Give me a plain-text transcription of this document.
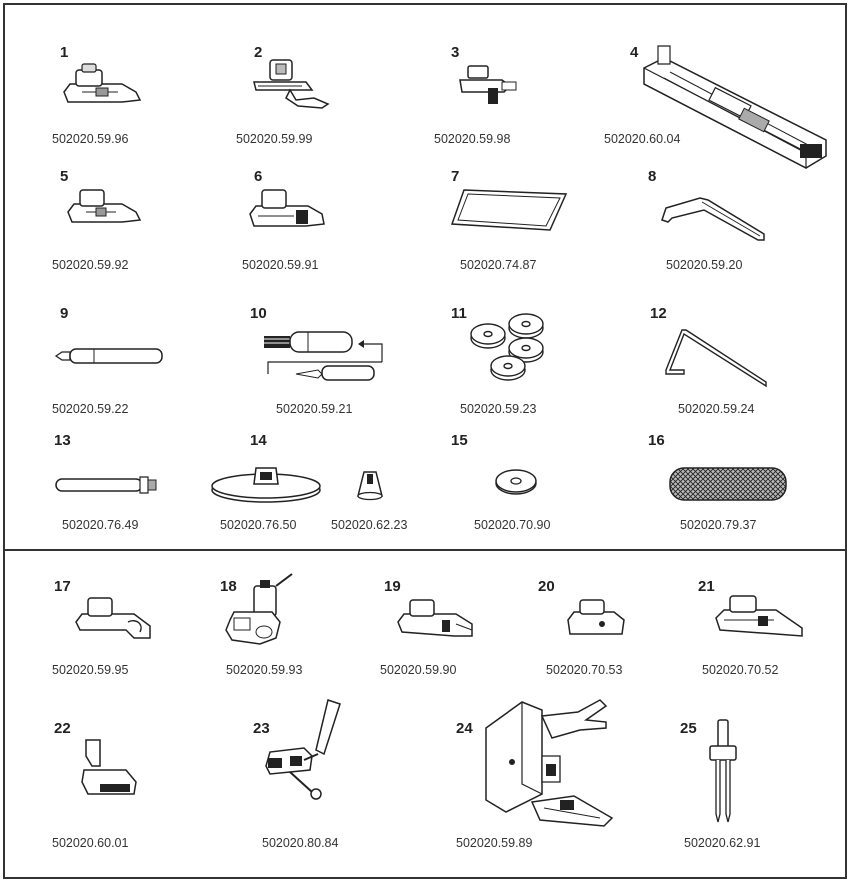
1
502020.59.96
2
502020.59.99
3
502020.59.98
4
502020.60.04
5
502020.59.92
6
502020.59.91
7
502020.74.87
8
502020.59.20
9
502020.59.22
10
502020.59.21
11
502020.59.23
12
502020.59.24
13
502020.76.49
14
502020.76.50	502020.62.23
15
502020.70.90
16
502020.79.37
17
502020.59.95
18
502020.59.93
19
502020.59.90
20
502020.70.53
21
502020.70.52
22
502020.60.01
23
502020.80.84
24
502020.59.89
25
502020.62.91
